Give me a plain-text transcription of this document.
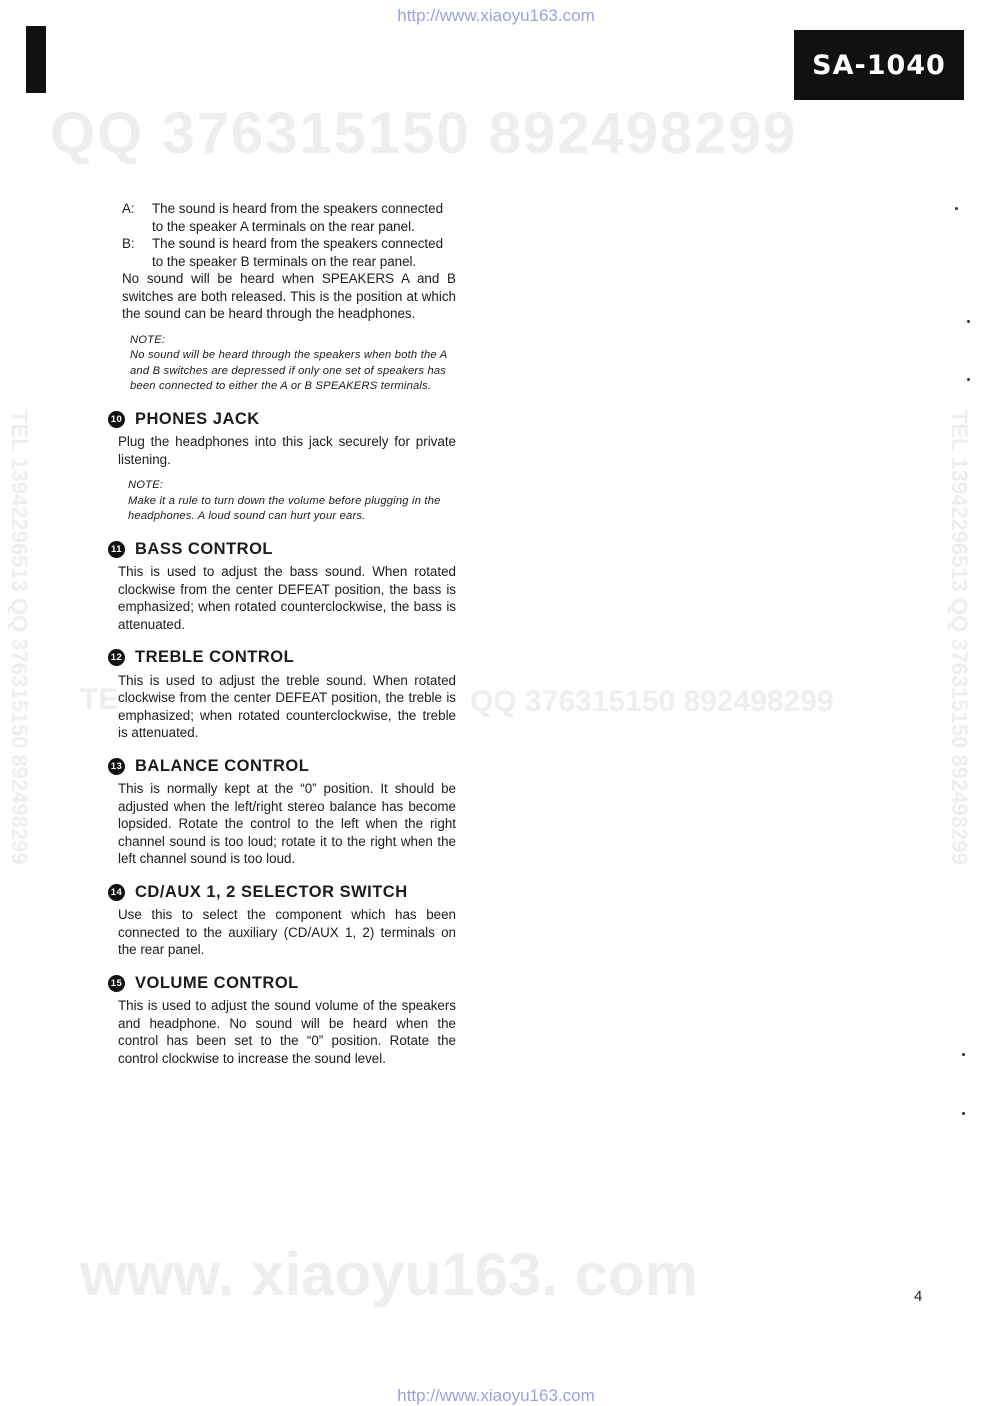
http://www.xiaoyu163.com
SA-1040
QQ 376315150 892498299
TE	QQ 376315150 892498299
www. xiaoyu163. com
TEL 13942296513 QQ 376315150 892498299	TEL 13942296513 QQ 376315150 892498299
A: The sound is heard from the speakers connected to the speaker A terminals on the rear panel.
B: The sound is heard from the speakers connected to the speaker B terminals on the rear panel.
No sound will be heard when SPEAKERS A and B switches are both released. This is the position at which the sound can be heard through the headphones.
NOTE:
No sound will be heard through the speakers when both the A and B switches are depressed if only one set of speakers has been connected to either the A or B SPEAKERS terminals.
10 PHONES JACK
Plug the headphones into this jack securely for private listening.
NOTE:
Make it a rule to turn down the volume before plugging in the headphones. A loud sound can hurt your ears.
11 BASS CONTROL
This is used to adjust the bass sound. When rotated clockwise from the center DEFEAT position, the bass is emphasized; when rotated counterclockwise, the bass is attenuated.
12 TREBLE CONTROL
This is used to adjust the treble sound. When rotated clockwise from the center DEFEAT position, the treble is emphasized; when rotated counterclockwise, the treble is attenuated.
13 BALANCE CONTROL
This is normally kept at the “0” position. It should be adjusted when the left/right stereo balance has become lopsided. Rotate the control to the left when the right channel sound is too loud; rotate it to the right when the left channel sound is too loud.
14 CD/AUX 1, 2 SELECTOR SWITCH
Use this to select the component which has been connected to the auxiliary (CD/AUX 1, 2) terminals on the rear panel.
15 VOLUME CONTROL
This is used to adjust the sound volume of the speakers and headphone. No sound will be heard when the control has been set to the “0” position. Rotate the control clockwise to increase the sound level.
4
http://www.xiaoyu163.com
